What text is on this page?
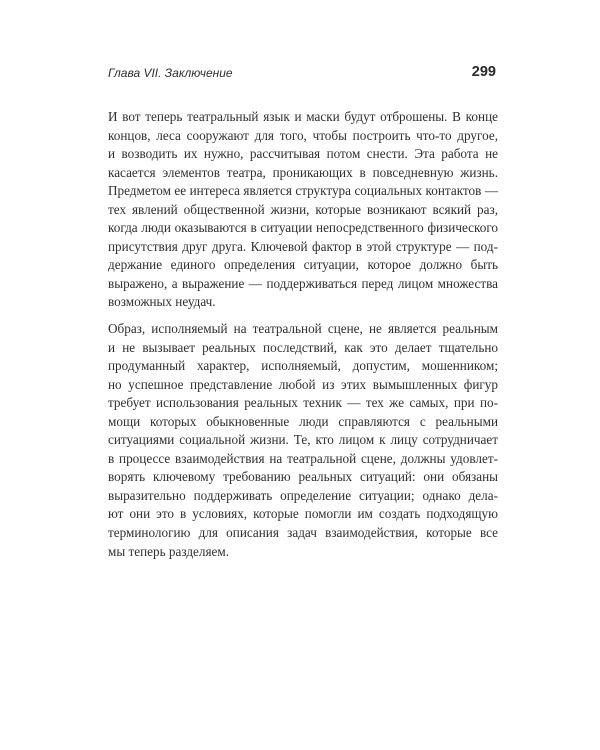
Глава VII. Заключение	299

И вот теперь театральный язык и маски будут отброшены. В конце
концов, леса сооружают для того, чтобы построить что-то другое,
и возводить их нужно, рассчитывая потом снести. Эта работа не
касается элементов театра, проникающих в повседневную жизнь.
Предметом ее интереса является структура социальных контактов —
тех явлений общественной жизни, которые возникают всякий раз,
когда люди оказываются в ситуации непосредственного физического
присутствия друг друга. Ключевой фактор в этой структуре — под-
держание единого определения ситуации, которое должно быть
выражено, а выражение — поддерживаться перед лицом множества
возможных неудач.

Образ, исполняемый на театральной сцене, не является реальным
и не вызывает реальных последствий, как это делает тщательно
продуманный характер, исполняемый, допустим, мошенником;
но успешное представление любой из этих вымышленных фигур
требует использования реальных техник — тех же самых, при по-
мощи которых обыкновенные люди справляются с реальными
ситуациями социальной жизни. Те, кто лицом к лицу сотрудничает
в процессе взаимодействия на театральной сцене, должны удовлет-
ворять ключевому требованию реальных ситуаций: они обязаны
выразительно поддерживать определение ситуации; однако дела-
ют они это в условиях, которые помогли им создать подходящую
терминологию для описания задач взаимодействия, которые все
мы теперь разделяем.
